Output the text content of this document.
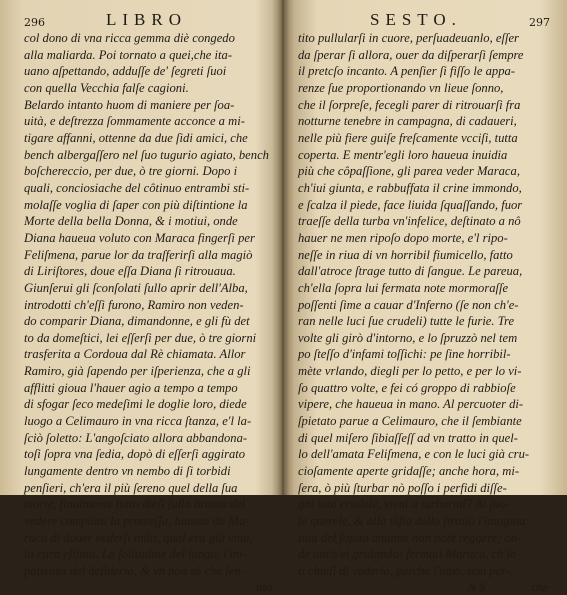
296	LIBRO
col dono di vna ricca gemma diè congedo
alla maliarda. Poi tornato a quei,che ita-
uano aſpettando, adduſſe de' ſegreti ſuoi
con quella Vecchia falſe cagioni.
Belardo intanto huom di maniere per ſoa-
uità, e deſtrezza ſommamente acconce a mi-
tigare affanni, ottenne da due ſidi amici, che
bench albergaſſero nel ſuo tugurio agiato, bench
boſchereccio, per due, ò tre giorni. Dopo i
quali, conciosiache del côtinuo entrambi sti-
molaſſe voglia di ſaper con più diſtintione la
Morte della bella Donna, & i motiui, onde
Diana haueua voluto con Maraca fingerſi per
Feliſmena, parue lor da traſferirſi alla magiò
di Liriſtores, doue eſſa Diana ſi ritrouaua.
Giunſerui gli ſconſolati ſullo aprir dell'Alba,
introdotti ch'eſſi furono, Ramiro non veden-
do comparir Diana, dimandonne, e gli fù det
to da domeſtici, lei eſſerſi per due, ò tre giorni
trasferita a Cordoua dal Rè chiamata. Allor
Ramiro, già ſapendo per iſperienza, che a gli
afflitti gioua l'hauer agio a tempo a tempo
di sfogar ſeco medeſimi le doglie loro, diede
luogo a Celimauro in vna ricca ſtanza, e'l la-
ſciò ſoletto: L'angoſciato allora abbandona-
toſi ſopra vna ſedia, dopò di eſſerſi aggirato
lungamente dentro vn nembo di ſi torbidi
penſieri, ch'era il più ſereno quel della ſua
morte, finalmente tutto dieſi ſulla brama del
vedere compiuta la promeſſa, hauuta da Ma-
raca di douer vederſi inâti, qual era già viua,
la cara eſtinta. La ſolitudine del luogo, l'im-
patienza del deſiderio, & vn non sò che ſen-
tito
SESTO.	297
tito pullularſi in cuore, perſuadeuanlo, eſſer
da ſperar ſi allora, ouer da diſperarſi ſempre
il pretcſo incanto. A penſier ſi fiſſo le appa-
renze ſue proportionando vn lieue ſonno,
che il ſorpreſe, fecegli parer di ritrouarſi fra
notturne tenebre in campagna, di cadaueri,
nelle più fiere guiſe freſcamente vcciſi, tutta
coperta. E mentr'egli loro haueua inuidia
più che côpaſſione, gli parea veder Maraca,
ch'iui giunta, e rabbuffata il crine immondo,
e ſcalza il piede, face liuida ſquaſſando, fuor
traeſſe della turba vn'infelice, deſtinato a nô
hauer ne men ripoſo dopo morte, e'l ripo-
neſſe in riua di vn horribil fiumicello, fatto
dall'atroce ſtrage tutto di ſangue. Le pareua,
ch'ella ſopra lui fermata note mormoraſſe
poſſenti ſime a cauar d'Inferno (ſe non ch'e-
ran nelle luci ſue crudeli) tutte le furie. Tre
volte gli girò d'intorno, e lo ſpruzzò nel tem
po ſteſſo d'infami toſſichi: pe ſine horribil-
mète vrlando, diegli per lo petto, e per lo vi-
ſo quattro volte, e fei có groppo di rabbioſe
vipere, che haueua in mano. Al percuoter di-
ſpietato parue a Celimauro, che il ſembiante
di quel miſero ſibiaſſeſſ ad vn tratto in quel-
lo dell'amata Feliſmena, e con le luci già cru-
cioſamente aperte gridaſſe; anche hora, mi-
ſera, ò più ſturbar nò poſſo i perfidi diſſe-
gni tuoi crudele, vieni a turbarmi? Al ſuo-
le querele, & alla viſta dello ſtratio l'imagina
tiua del ſopito amante non potè reggere; on-
de anch'ei gridando: fermati Maraca, ch'io
ti chieſi di vederla, perche l'amo, non per-
N 5	che
